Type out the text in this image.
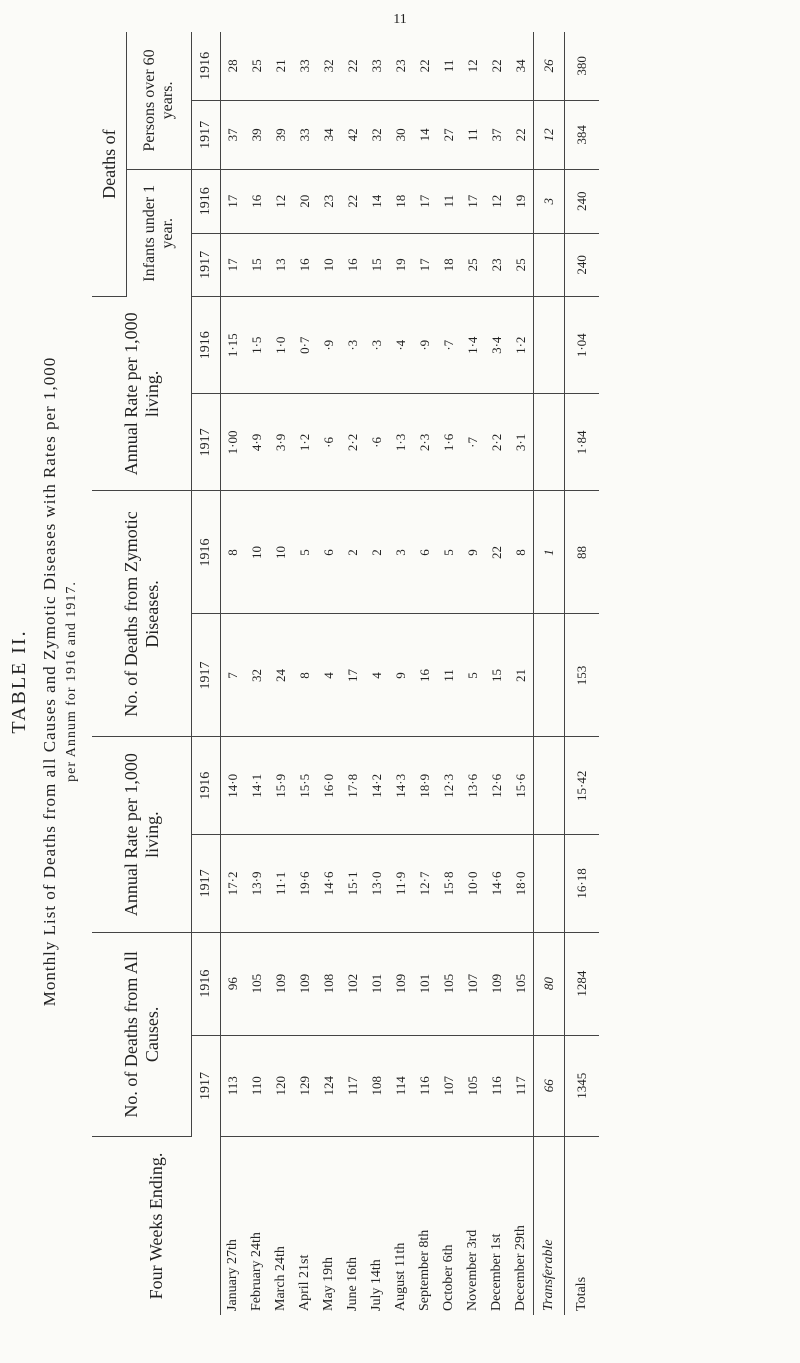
11
TABLE II. Monthly List of Deaths from all Causes and Zymotic Diseases with Rates per 1,000 per Annum for 1916 and 1917.
Four Weeks Ending.	No. of Deaths from All Causes.		Annual Rate per 1,000 living.		No. of Deaths from Zymotic Diseases.		Annual Rate per 1,000 living.		Deaths of			
									Infants under 1 year.		Persons over 60 years.	
	1917	1916	1917	1916	1917	1916	1917	1916	1917	1916	1917	1916
January 27th	113	96	17·2	14·0	7	8	1·00	1·15	17	17	37	28
February 24th	110	105	13·9	14·1	32	10	4·9	1·5	15	16	39	25
March 24th	120	109	11·1	15·9	24	10	3·9	1·0	13	12	39	21
April 21st	129	109	19·6	15·5	8	5	1·2	0·7	16	20	33	33
May 19th	124	108	14·6	16·0	4	6	·6	·9	10	23	34	32
June 16th	117	102	15·1	17·8	17	2	2·2	·3	16	22	42	22
July 14th	108	101	13·0	14·2	4	2	·6	·3	15	14	32	33
August 11th	114	109	11·9	14·3	9	3	1·3	·4	19	18	30	23
September 8th	116	101	12·7	18·9	16	6	2·3	·9	17	17	14	22
October 6th	107	105	15·8	12·3	11	5	1·6	·7	18	11	27	11
November 3rd	105	107	10·0	13·6	5	9	·7	1·4	25	17	11	12
December 1st	116	109	14·6	12·6	15	22	2·2	3·4	23	12	37	22
December 29th	117	105	18·0	15·6	21	8	3·1	1·2	25	19	22	34
Transferable	66	80				1				3	12	26
Totals	1345	1284	16·18	15·42	153	88	1·84	1·04	240	240	384	380
